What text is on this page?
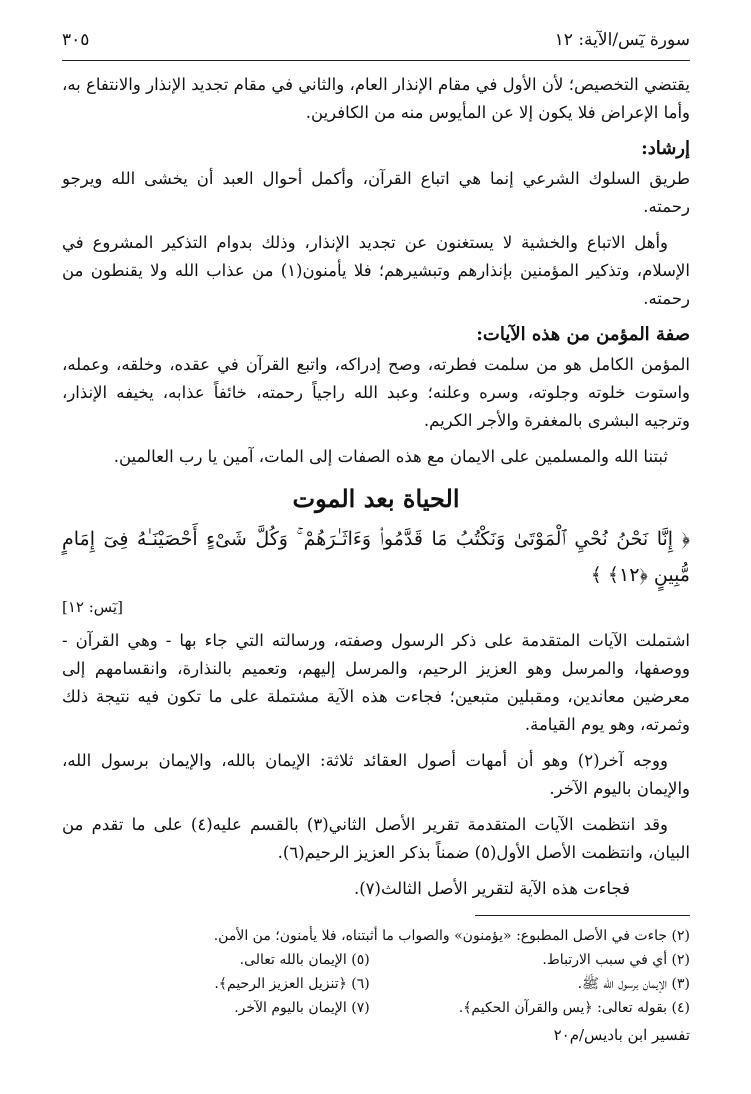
٣٠٥	سورة يٓس/الآية: ١٢

يقتضي التخصيص؛ لأن الأول في مقام الإنذار العام، والثاني في مقام تجديد الإنذار والانتفاع به، وأما الإعراض فلا يكون إلا عن المأيوس منه من الكافرين.

إرشاد:

طريق السلوك الشرعي إنما هي اتباع القرآن، وأكمل أحوال العبد أن يخشى الله ويرجو رحمته.

وأهل الاتباع والخشية لا يستغنون عن تجديد الإنذار، وذلك بدوام التذكير المشروع في الإسلام، وتذكير المؤمنين بإنذارهم وتبشيرهم؛ فلا يأمنون(١) من عذاب الله ولا يقنطون من رحمته.

صفة المؤمن من هذه الآيات:

المؤمن الكامل هو من سلمت فطرته، وصح إدراكه، واتبع القرآن في عقده، وخلقه، وعمله، واستوت خلوته وجلوته، وسره وعلنه؛ وعبد الله راجياً رحمته، خائفاً عذابه، يخيفه الإنذار، وترجيه البشرى بالمغفرة والأجر الكريم.

ثبتنا الله والمسلمين على الايمان مع هذه الصفات إلى المات، آمين يا رب العالمين.

الحياة بعد الموت

﴿ إِنَّا نَحْنُ نُحْيِ ٱلْمَوْتَىٰ وَنَكْتُبُ مَا قَدَّمُوا۟ وَءَاثَـٰرَهُمْ ۚ وَكُلَّ شَىْءٍ أَحْصَيْنَـٰهُ فِىٓ إِمَامٍ مُّبِينٍ ﴿١٢﴾ ﴾

[يٓس: ١٢]

اشتملت الآيات المتقدمة على ذكر الرسول وصفته، ورسالته التي جاء بها - وهي القرآن - ووصفها، والمرسل وهو العزيز الرحيم، والمرسل إليهم، وتعميم بالنذارة، وانقسامهم إلى معرضين معاندين، ومقبلين متبعين؛ فجاءت هذه الآية مشتملة على ما تكون فيه نتيجة ذلك وثمرته، وهو يوم القيامة.

ووجه آخر(٢) وهو أن أمهات أصول العقائد ثلاثة: الإيمان بالله، والإيمان برسول الله، والإيمان باليوم الآخر.

وقد انتظمت الآيات المتقدمة تقرير الأصل الثاني(٣) بالقسم عليه(٤) على ما تقدم من البيان، وانتظمت الأصل الأول(٥) ضمناً بذكر العزيز الرحيم(٦).

فجاءت هذه الآية لتقرير الأصل الثالث(٧).

(٢) جاءت في الأصل المطبوع: «يؤمنون» والصواب ما أثبتناه، فلا يأمنون؛ من الأمن.

(٢) أي في سبب الارتباط.
(٥) الإيمان بالله تعالى.
(٣) الإيمان برسول الله ﷺ.
(٦) ﴿تنزيل العزيز الرحيم﴾.
(٤) بقوله تعالى: ﴿يس والقرآن الحكيم﴾.
(٧) الإيمان باليوم الآخر.
تفسير ابن باديس/م٢٠
